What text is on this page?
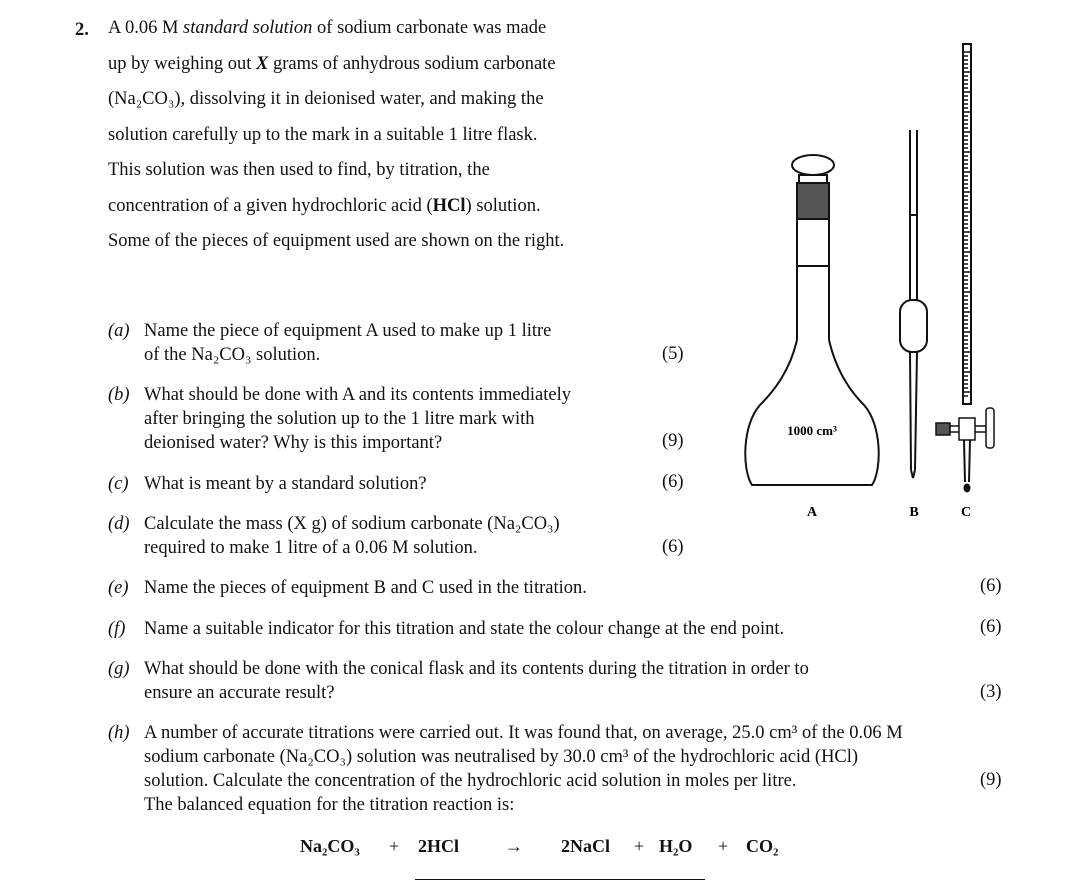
2. A 0.06 M standard solution of sodium carbonate was made
up by weighing out X grams of anhydrous sodium carbonate
(Na₂CO₃), dissolving it in deionised water, and making the
solution carefully up to the mark in a suitable 1 litre flask.
This solution was then used to find, by titration, the
concentration of a given hydrochloric acid (HCl) solution.
Some of the pieces of equipment used are shown on the right.
(a) Name the piece of equipment A used to make up 1 litre
of the Na₂CO₃ solution.	(5)
(b) What should be done with A and its contents immediately
after bringing the solution up to the 1 litre mark with
deionised water? Why is this important?	(9)
(c) What is meant by a standard solution?	(6)
(d) Calculate the mass (X g) of sodium carbonate (Na₂CO₃)
required to make 1 litre of a 0.06 M solution.	(6)
(e) Name the pieces of equipment B and C used in the titration.	(6)
(f) Name a suitable indicator for this titration and state the colour change at the end point.	(6)
(g) What should be done with the conical flask and its contents during the titration in order to
ensure an accurate result?	(3)
(h) A number of accurate titrations were carried out. It was found that, on average, 25.0 cm³ of the 0.06 M
sodium carbonate (Na₂CO₃) solution was neutralised by 30.0 cm³ of the hydrochloric acid (HCl)
solution. Calculate the concentration of the hydrochloric acid solution in moles per litre.
The balanced equation for the titration reaction is:
(9)
Na₂CO₃ + 2HCl	→ 2NaCl + H₂O + CO₂
1000 cm³
A	B	C
